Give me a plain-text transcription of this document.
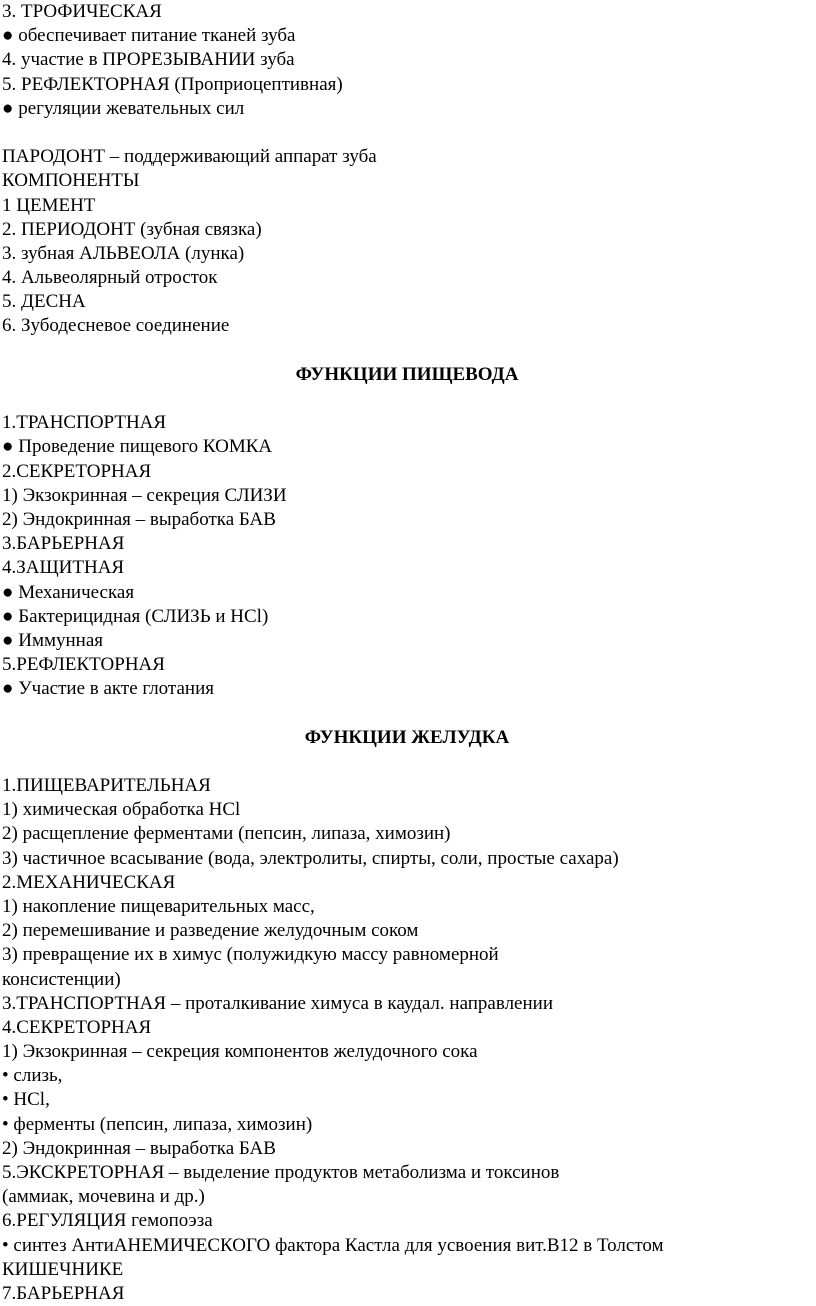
3. ТРОФИЧЕСКАЯ
● обеспечивает питание тканей зуба
4. участие в ПРОРЕЗЫВАНИИ зуба
5. РЕФЛЕКТОРНАЯ (Проприоцептивная)
● регуляции жевательных сил
ПАРОДОНТ – поддерживающий аппарат зуба
КОМПОНЕНТЫ
1 ЦЕМЕНТ
2. ПЕРИОДОНТ (зубная связка)
3. зубная АЛЬВЕОЛА (лунка)
4. Альвеолярный отросток
5. ДЕСНА
6. Зубодесневое соединение
ФУНКЦИИ ПИЩЕВОДА
1.ТРАНСПОРТНАЯ
● Проведение пищевого КОМКА
2.СЕКРЕТОРНАЯ
1) Экзокринная – секреция СЛИЗИ
2) Эндокринная – выработка БАВ
3.БАРЬЕРНАЯ
4.ЗАЩИТНАЯ
● Механическая
● Бактерицидная (СЛИЗЬ и HCl)
● Иммунная
5.РЕФЛЕКТОРНАЯ
● Участие в акте глотания
ФУНКЦИИ ЖЕЛУДКА
1.ПИЩЕВАРИТЕЛЬНАЯ
1) химическая обработка HCl
2) расщепление ферментами (пепсин, липаза, химозин)
3) частичное всасывание (вода, электролиты, спирты, соли, простые сахара)
2.МЕХАНИЧЕСКАЯ
1) накопление пищеварительных масс,
2) перемешивание и разведение желудочным соком
3) превращение их в химус (полужидкую массу равномерной
консистенции)
3.ТРАНСПОРТНАЯ – проталкивание химуса в каудал. направлении
4.СЕКРЕТОРНАЯ
1) Экзокринная – секреция компонентов желудочного сока
• слизь,
• HCl,
• ферменты (пепсин, липаза, химозин)
2) Эндокринная – выработка БАВ
5.ЭКСКРЕТОРНАЯ – выделение продуктов метаболизма и токсинов
(аммиак, мочевина и др.)
6.РЕГУЛЯЦИЯ гемопоэза
• синтез АнтиАНЕМИЧЕСКОГО фактора Кастла для усвоения вит.B12 в Толстом
КИШЕЧНИКЕ
7.БАРЬЕРНАЯ
